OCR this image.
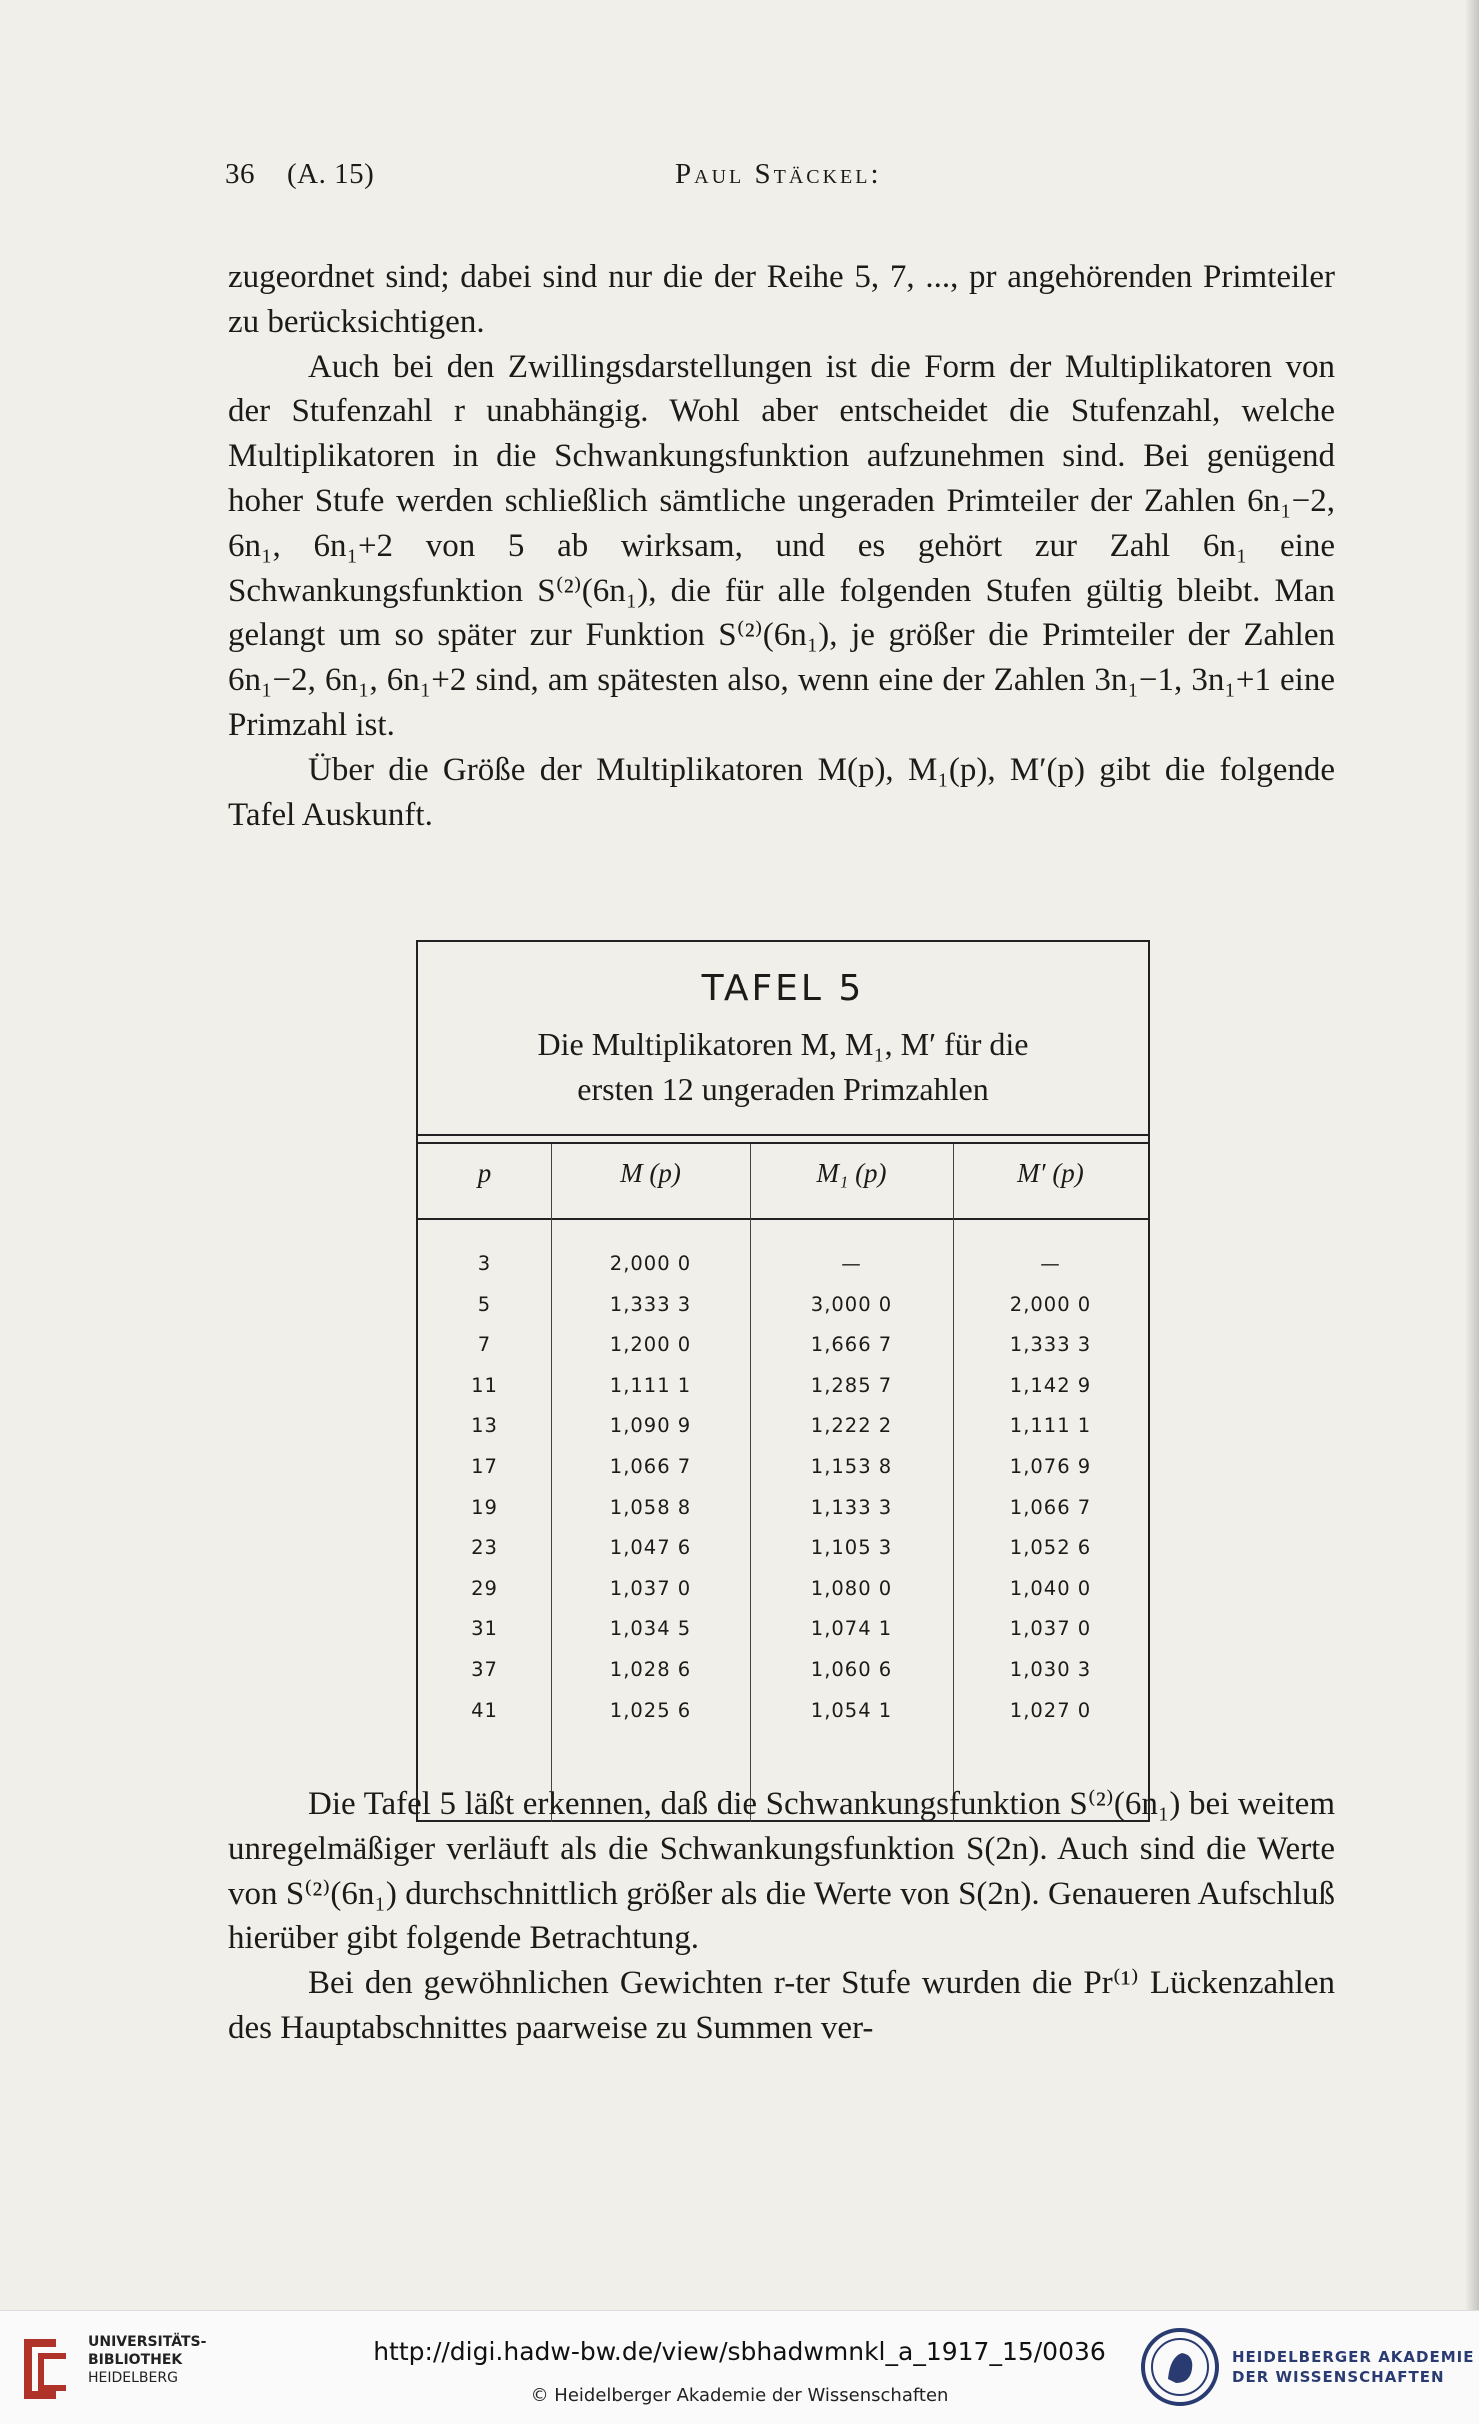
36 (A. 15)	Paul Stäckel:

zugeordnet sind; dabei sind nur die der Reihe 5, 7, ..., pr angehörenden Primteiler zu berücksichtigen.

Auch bei den Zwillingsdarstellungen ist die Form der Multiplikatoren von der Stufenzahl r unabhängig. Wohl aber entscheidet die Stufenzahl, welche Multiplikatoren in die Schwankungsfunktion aufzunehmen sind. Bei genügend hoher Stufe werden schließlich sämtliche ungeraden Primteiler der Zahlen 6n₁−2, 6n₁, 6n₁+2 von 5 ab wirksam, und es gehört zur Zahl 6n₁ eine Schwankungsfunktion S⁽²⁾(6n₁), die für alle folgenden Stufen gültig bleibt. Man gelangt um so später zur Funktion S⁽²⁾(6n₁), je größer die Primteiler der Zahlen 6n₁−2, 6n₁, 6n₁+2 sind, am spätesten also, wenn eine der Zahlen 3n₁−1, 3n₁+1 eine Primzahl ist.

Über die Größe der Multiplikatoren M(p), M₁(p), M′(p) gibt die folgende Tafel Auskunft.

TAFEL 5
Die Multiplikatoren M, M₁, M′ für die
ersten 12 ungeraden Primzahlen
p	M (p)	M₁ (p)	M′ (p)
3	2,000 0	—	—
5	1,333 3	3,000 0	2,000 0
7	1,200 0	1,666 7	1,333 3
11	1,111 1	1,285 7	1,142 9
13	1,090 9	1,222 2	1,111 1
17	1,066 7	1,153 8	1,076 9
19	1,058 8	1,133 3	1,066 7
23	1,047 6	1,105 3	1,052 6
29	1,037 0	1,080 0	1,040 0
31	1,034 5	1,074 1	1,037 0
37	1,028 6	1,060 6	1,030 3
41	1,025 6	1,054 1	1,027 0

Die Tafel 5 läßt erkennen, daß die Schwankungsfunktion S⁽²⁾(6n₁) bei weitem unregelmäßiger verläuft als die Schwankungsfunktion S(2n). Auch sind die Werte von S⁽²⁾(6n₁) durchschnittlich größer als die Werte von S(2n). Genaueren Aufschluß hierüber gibt folgende Betrachtung.

Bei den gewöhnlichen Gewichten r-ter Stufe wurden die Pr⁽¹⁾ Lückenzahlen des Hauptabschnittes paarweise zu Summen ver-

UNIVERSITÄTS-
BIBLIOTHEK
HEIDELBERG
http://digi.hadw-bw.de/view/sbhadwmnkl_a_1917_15/0036
© Heidelberger Akademie der Wissenschaften
HEIDELBERGER AKADEMIE
DER WISSENSCHAFTEN
